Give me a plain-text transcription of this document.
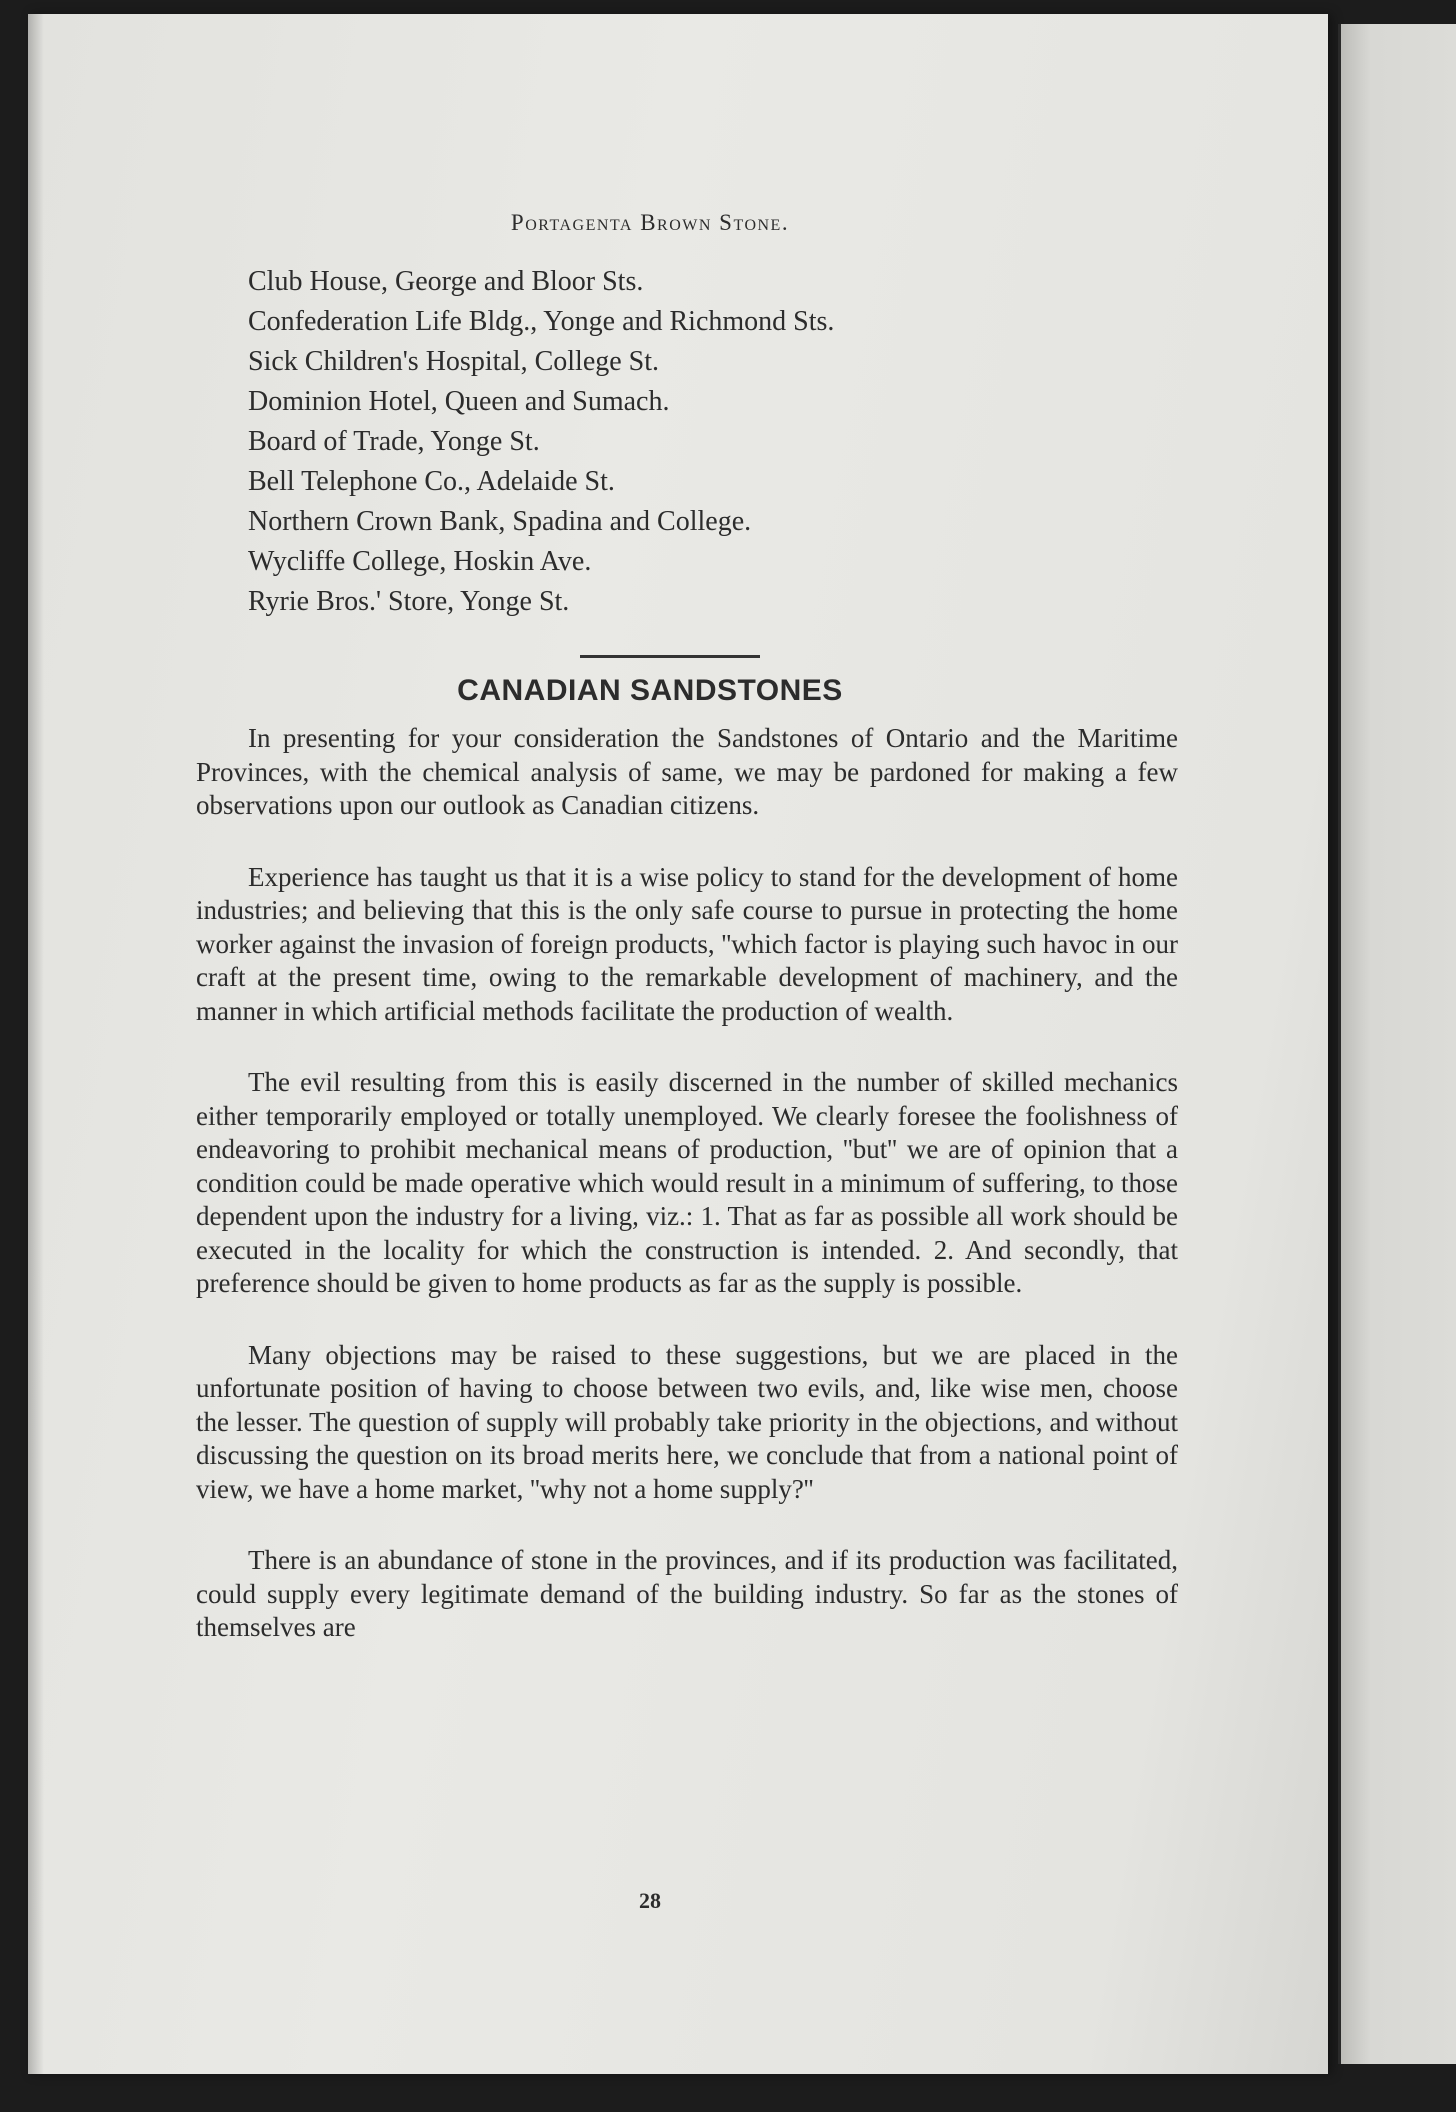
Portagenta Brown Stone.
Club House, George and Bloor Sts.
Confederation Life Bldg., Yonge and Richmond Sts.
Sick Children's Hospital, College St.
Dominion Hotel, Queen and Sumach.
Board of Trade, Yonge St.
Bell Telephone Co., Adelaide St.
Northern Crown Bank, Spadina and College.
Wycliffe College, Hoskin Ave.
Ryrie Bros.' Store, Yonge St.
CANADIAN SANDSTONES

In presenting for your consideration the Sandstones of Ontario and the Maritime Provinces, with the chemical analysis of same, we may be pardoned for making a few observations upon our outlook as Canadian citizens.

Experience has taught us that it is a wise policy to stand for the development of home industries; and believing that this is the only safe course to pursue in protecting the home worker against the invasion of foreign products, ''which factor is playing such havoc in our craft at the present time, owing to the remarkable development of machinery, and the manner in which artificial methods facilitate the production of wealth.

The evil resulting from this is easily discerned in the number of skilled mechanics either temporarily employed or totally unemployed. We clearly foresee the foolishness of endeavoring to prohibit mechanical means of production, ''but'' we are of opinion that a condition could be made operative which would result in a minimum of suffering, to those dependent upon the industry for a living, viz.: 1. That as far as possible all work should be executed in the locality for which the construction is intended. 2. And secondly, that preference should be given to home products as far as the supply is possible.

Many objections may be raised to these suggestions, but we are placed in the unfortunate position of having to choose between two evils, and, like wise men, choose the lesser. The question of supply will probably take priority in the objections, and without discussing the question on its broad merits here, we conclude that from a national point of view, we have a home market, ''why not a home supply?''

There is an abundance of stone in the provinces, and if its production was facilitated, could supply every legitimate demand of the building industry. So far as the stones of themselves are

28
